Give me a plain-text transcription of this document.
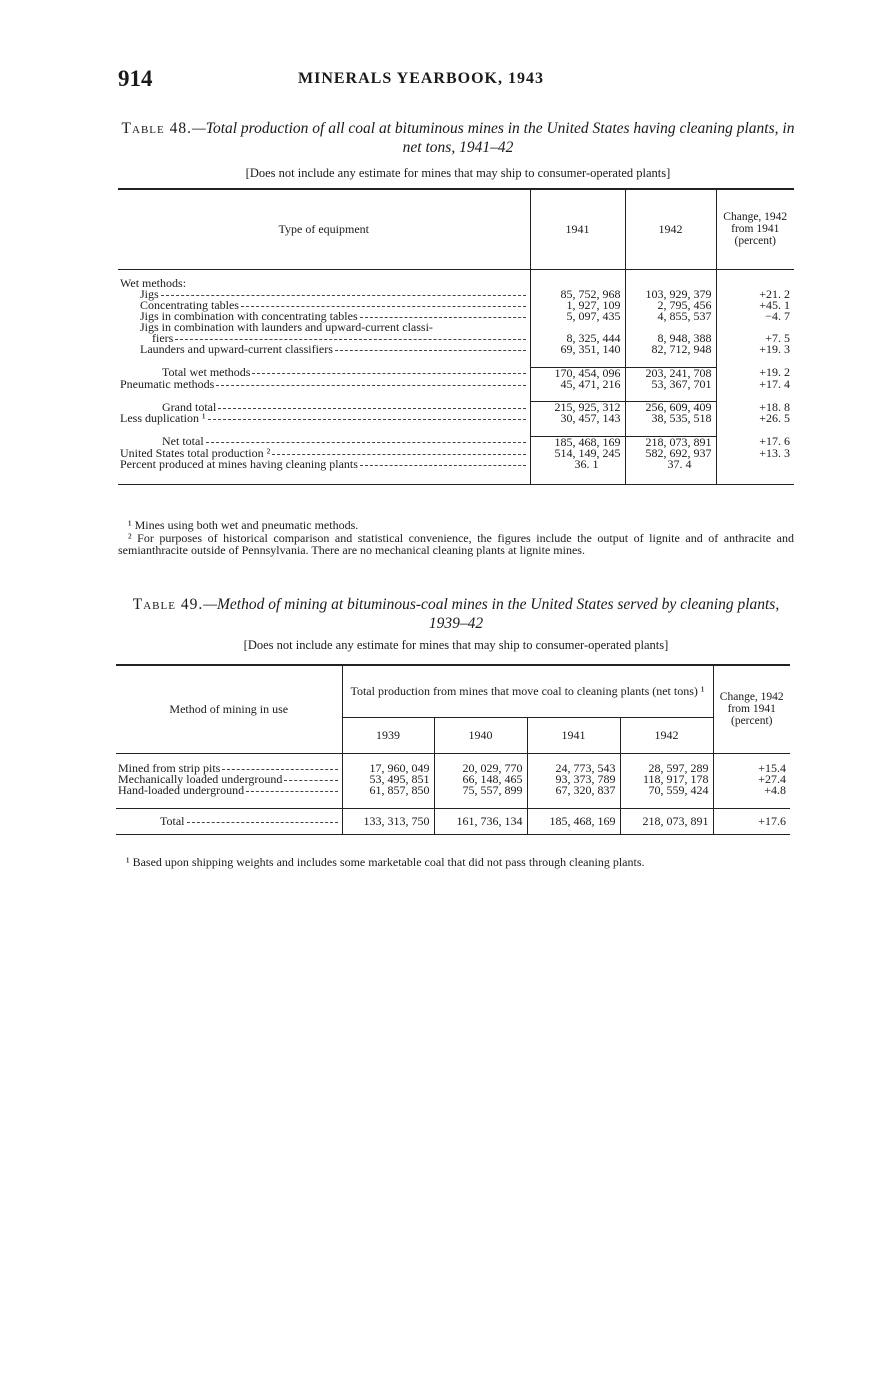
914	MINERALS YEARBOOK, 1943
Table 48.—Total production of all coal at bituminous mines in the United States having cleaning plants, in net tons, 1941–42
[Does not include any estimate for mines that may ship to consumer-operated plants]
Type of equipment	1941	1942	Change, 1942 from 1941 (percent)
Wet methods:			

Jigs	85, 752, 968	103, 929, 379	+21. 2

Concentrating tables	1, 927, 109	2, 795, 456	+45. 1

Jigs in combination with concentrating tables	5, 097, 435	4, 855, 537	−4. 7
Jigs in combination with launders and upward-current classi-			

fiers	8, 325, 444	8, 948, 388	+7. 5

Launders and upward-current classifiers	69, 351, 140	82, 712, 948	+19. 3

Total wet methods	170, 454, 096	203, 241, 708	+19. 2

Pneumatic methods	45, 471, 216	53, 367, 701	+17. 4

Grand total	215, 925, 312	256, 609, 409	+18. 8

Less duplication ¹	30, 457, 143	38, 535, 518	+26. 5

Net total	185, 468, 169	218, 073, 891	+17. 6

United States total production ²	514, 149, 245	582, 692, 937	+13. 3

Percent produced at mines having cleaning plants	36. 1	37. 4	
¹ Mines using both wet and pneumatic methods.
² For purposes of historical comparison and statistical convenience, the figures include the output of lignite and of anthracite and semianthracite outside of Pennsylvania. There are no mechanical cleaning plants at lignite mines.
Table 49.—Method of mining at bituminous-coal mines in the United States served by cleaning plants, 1939–42
[Does not include any estimate for mines that may ship to consumer-operated plants]
Method of mining in use	Total production from mines that move coal to cleaning plants (net tons) ¹				Change, 1942 from 1941 (percent)
	1939	1940	1941	1942	

Mined from strip pits	17, 960, 049	20, 029, 770	24, 773, 543	28, 597, 289	+15.4

Mechanically loaded underground	53, 495, 851	66, 148, 465	93, 373, 789	118, 917, 178	+27.4

Hand-loaded underground	61, 857, 850	75, 557, 899	67, 320, 837	70, 559, 424	+4.8

Total	133, 313, 750	161, 736, 134	185, 468, 169	218, 073, 891	+17.6
¹ Based upon shipping weights and includes some marketable coal that did not pass through cleaning plants.
